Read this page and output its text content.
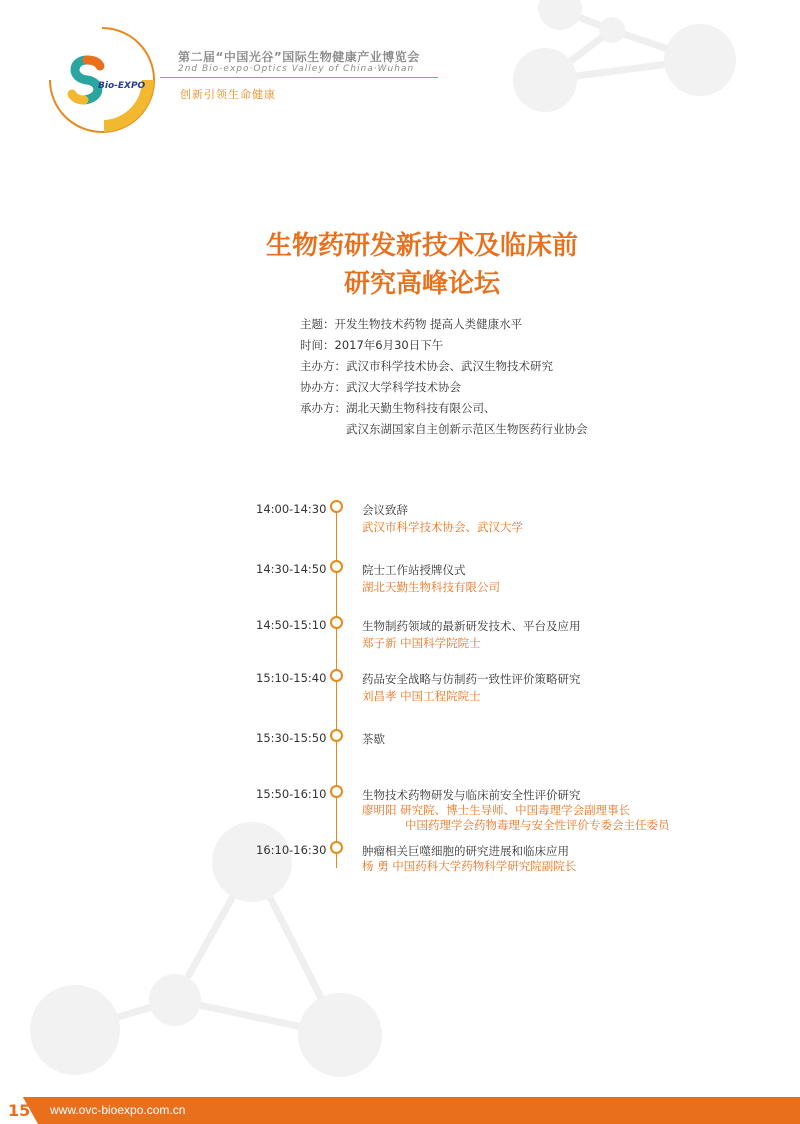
Bio-EXPO
第二届“中国光谷”国际生物健康产业博览会
2nd Bio-expo·Optics Valley of China·Wuhan
创新引领生命健康
生物药研发新技术及临床前
研究高峰论坛
主题：开发生物技术药物 提高人类健康水平
时间：2017年6月30日下午
主办方：武汉市科学技术协会、武汉生物技术研究
协办方：武汉大学科学技术协会
承办方：湖北天勤生物科技有限公司、
武汉东湖国家自主创新示范区生物医药行业协会
14:00-14:30	会议致辞
武汉市科学技术协会、武汉大学
14:30-14:50	院士工作站授牌仪式
湖北天勤生物科技有限公司
14:50-15:10	生物制药领域的最新研发技术、平台及应用
郑子新 中国科学院院士
15:10-15:40	药品安全战略与仿制药一致性评价策略研究
刘昌孝 中国工程院院士
15:30-15:50	茶歇
15:50-16:10	生物技术药物研发与临床前安全性评价研究
廖明阳 研究院、博士生导师、中国毒理学会副理事长
中国药理学会药物毒理与安全性评价专委会主任委员
16:10-16:30	肿瘤相关巨噬细胞的研究进展和临床应用
杨 勇 中国药科大学药物科学研究院副院长
15 www.ovc-bioexpo.com.cn
